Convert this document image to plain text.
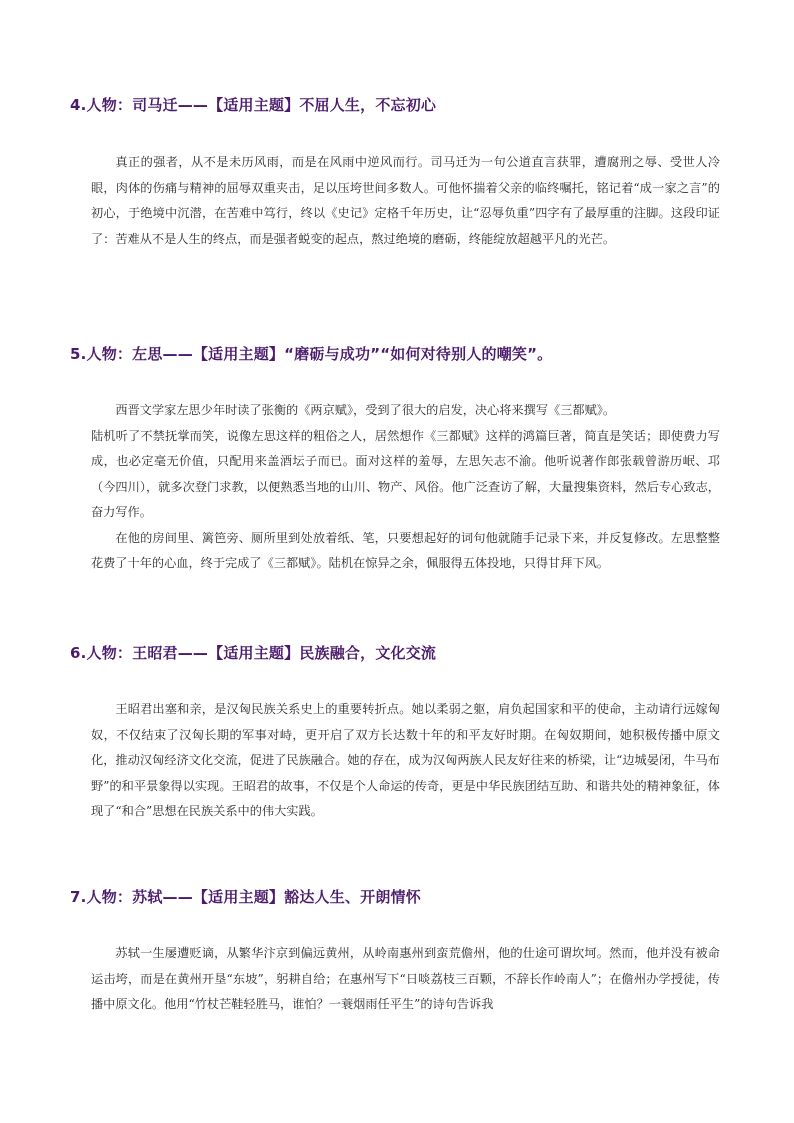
4.人物：司马迁——【适用主题】不屈人生，不忘初心

真正的强者，从不是未历风雨，而是在风雨中逆风而行。司马迁为一句公道直言获罪，遭腐刑之辱、受世人冷眼，肉体的伤痛与精神的屈辱双重夹击，足以压垮世间多数人。可他怀揣着父亲的临终嘱托，铭记着“成一家之言”的初心，于绝境中沉潜，在苦难中笃行，终以《史记》定格千年历史，让“忍辱负重”四字有了最厚重的注脚。这段印证了：苦难从不是人生的终点，而是强者蜕变的起点，熬过绝境的磨砺，终能绽放超越平凡的光芒。

5.人物：左思——【适用主题】“磨砺与成功”“如何对待别人的嘲笑”。

西晋文学家左思少年时读了张衡的《两京赋》，受到了很大的启发，决心将来撰写《三都赋》。

陆机听了不禁抚掌而笑，说像左思这样的粗俗之人，居然想作《三都赋》这样的鸿篇巨著，简直是笑话；即使费力写成，也必定毫无价值，只配用来盖酒坛子而已。面对这样的羞辱，左思矢志不渝。他听说著作郎张载曾游历岷、邛（今四川），就多次登门求教，以便熟悉当地的山川、物产、风俗。他广泛查访了解，大量搜集资料，然后专心致志，奋力写作。

在他的房间里、篱笆旁、厕所里到处放着纸、笔，只要想起好的词句他就随手记录下来，并反复修改。左思整整花费了十年的心血，终于完成了《三都赋》。陆机在惊异之余，佩服得五体投地，只得甘拜下风。

6.人物：王昭君——【适用主题】民族融合，文化交流

王昭君出塞和亲，是汉匈民族关系史上的重要转折点。她以柔弱之躯，肩负起国家和平的使命，主动请行远嫁匈奴，不仅结束了汉匈长期的军事对峙，更开启了双方长达数十年的和平友好时期。在匈奴期间，她积极传播中原文化，推动汉匈经济文化交流，促进了民族融合。她的存在，成为汉匈两族人民友好往来的桥梁，让“边城晏闭，牛马布野”的和平景象得以实现。王昭君的故事，不仅是个人命运的传奇，更是中华民族团结互助、和谐共处的精神象征，体现了“和合”思想在民族关系中的伟大实践。

7.人物：苏轼——【适用主题】豁达人生、开朗情怀

苏轼一生屡遭贬谪，从繁华汴京到偏远黄州，从岭南惠州到蛮荒儋州，他的仕途可谓坎坷。然而，他并没有被命运击垮，而是在黄州开垦“东坡”，躬耕自给；在惠州写下“日啖荔枝三百颗，不辞长作岭南人”；在儋州办学授徒，传播中原文化。他用“竹杖芒鞋轻胜马，谁怕？一蓑烟雨任平生”的诗句告诉我
